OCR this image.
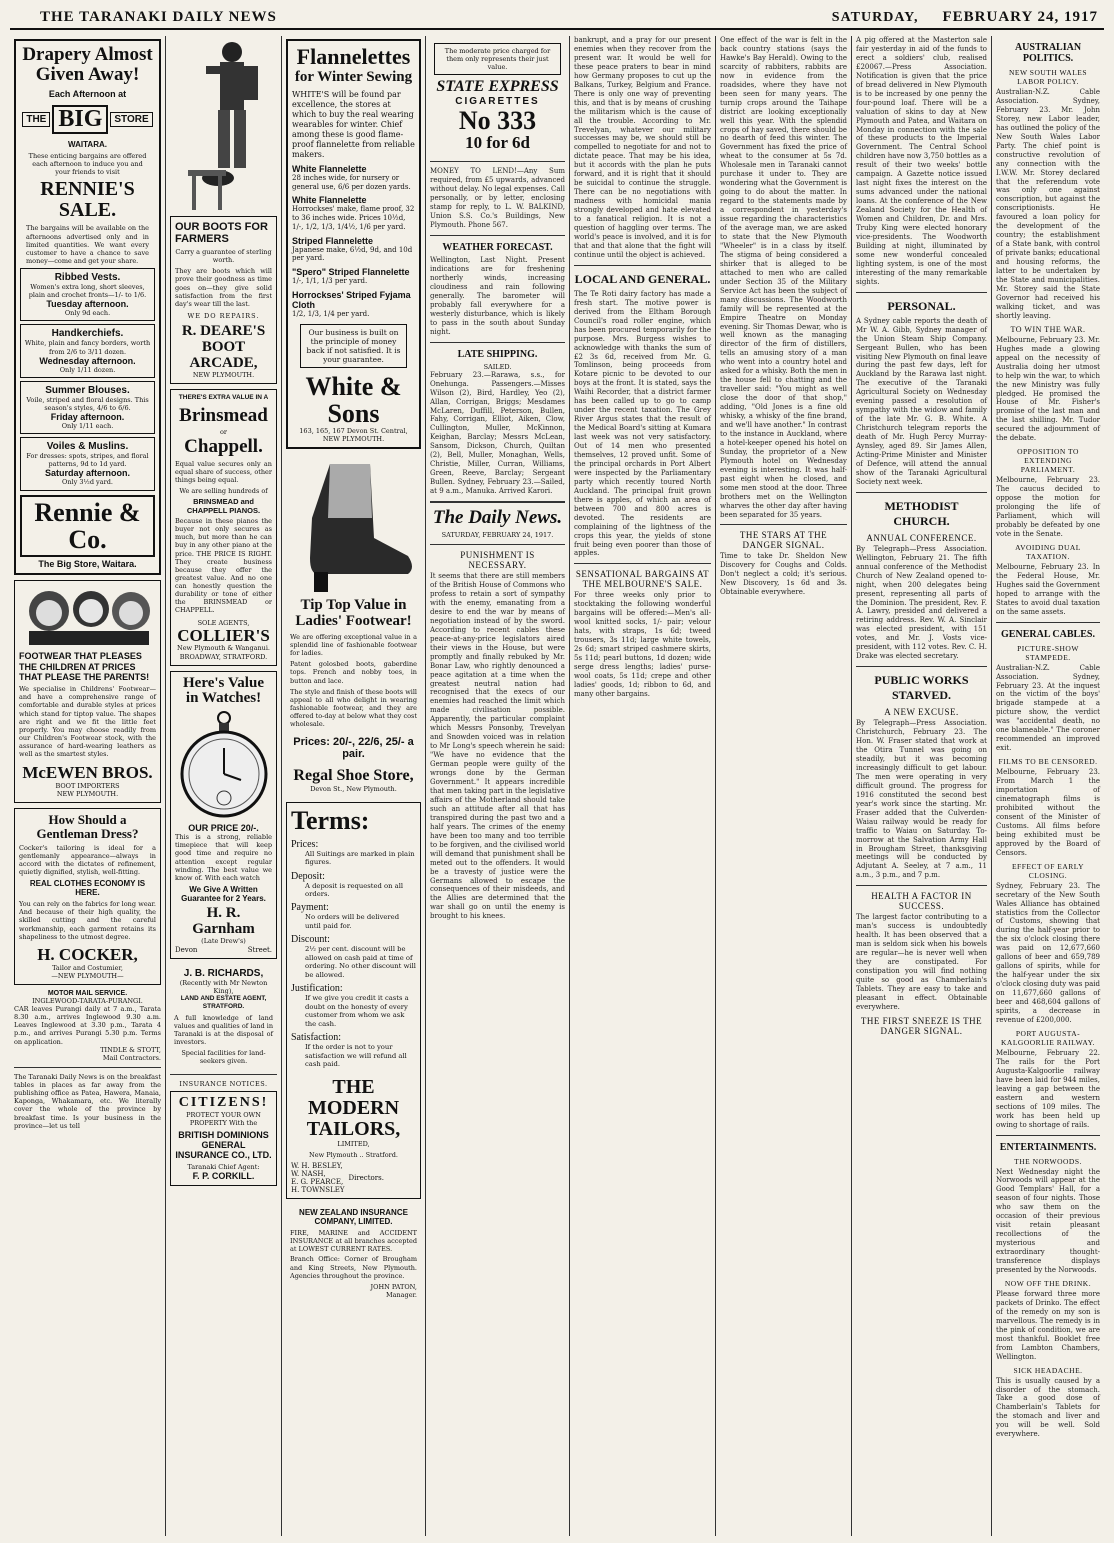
THE TARANAKI DAILY NEWS	SATURDAY, FEBRUARY 24, 1917
Drapery Almost Given Away!
Each Afternoon at
THE BIG	STORE
WAITARA.
These enticing bargains are offered each afternoon to induce you and your friends to visit
RENNIE'S SALE.
The bargains will be available on the afternoons advertised only and in limited quantities. We want every customer to have a chance to save money—come and get your share.
Ribbed Vests.
Women's extra long, short sleeves, plain and crochet fronts—1/- to 1/6.
Tuesday afternoon.
Only 9d each.
Handkerchiefs.
White, plain and fancy borders, worth from 2/6 to 3/11 dozen.
Wednesday afternoon.
Only 1/11 dozen.
Summer Blouses.
Voile, striped and floral designs. This season's styles, 4/6 to 6/6.
Friday afternoon.
Only 1/11 each.
Voiles & Muslins.
For dresses: spots, stripes, and floral patterns, 9d to 1d yard.
Saturday afternoon.
Only 3½d yard.
Rennie & Co.
The Big Store, Waitara.
FOOTWEAR THAT PLEASES THE CHILDREN AT PRICES THAT PLEASE THE PARENTS!
We specialise in Childrens' Footwear—and have a comprehensive range of comfortable and durable styles at prices which stand for tiptop value. The shapes are right and we fit the little feet properly. You may choose readily from our Children's Footwear stock, with the assurance of hard-wearing leathers as well as the smartest styles.
McEWEN BROS.
BOOT IMPORTERS
NEW PLYMOUTH.
How Should a Gentleman Dress?
Cocker's tailoring is ideal for a gentlemanly appearance—always in accord with the dictates of refinement, quietly dignified, stylish, well-fitting.
REAL CLOTHES ECONOMY IS HERE.
You can rely on the fabrics for long wear. And because of their high quality, the skilled cutting and the careful workmanship, each garment retains its shapeliness to the utmost degree.
H. COCKER,
Tailor and Costumier,
—NEW PLYMOUTH—
MOTOR MAIL SERVICE.
INGLEWOOD-TARATA-PURANGI.
CAR leaves Purangi daily at 7 a.m., Tarata 8.30 a.m., arrives Inglewood 9.30 a.m. Leaves Inglewood at 3.30 p.m., Tarata 4 p.m., and arrives Purangi 5.30 p.m. Terms on application.
TINDLE & STOTT,
Mail Contractors.
The Taranaki Daily News is on the breakfast tables in places as far away from the publishing office as Patea, Hawera, Manaia, Kaponga, Whakamara, etc. We literally cover the whole of the province by breakfast time. Is your business in the province—let us tell
OUR BOOTS FOR FARMERS
Carry a guarantee of sterling worth.
They are boots which will prove their goodness as time goes on—they give solid satisfaction from the first day's wear till the last.
WE DO REPAIRS.
R. DEARE'S BOOT ARCADE,
NEW PLYMOUTH.
THERE'S EXTRA VALUE IN A
Brinsmead
or
Chappell.
Equal value secures only an equal share of success, other things being equal.
We are selling hundreds of
BRINSMEAD and CHAPPELL PIANOS.
Because in these pianos the buyer not only secures as much, but more than he can buy in any other piano at the price. THE PRICE IS RIGHT. They create business because they offer the greatest value. And no one can honestly question the durability or tone of either the BRINSMEAD or CHAPPELL.
SOLE AGENTS,
COLLIER'S
New Plymouth & Wanganui.
BROADWAY, STRATFORD.
Here's Value in Watches!
OUR PRICE 20/-.
This is a strong, reliable timepiece that will keep good time and require no attention except regular winding. The best value we know of. With each watch
We Give A Written Guarantee for 2 Years.
H. R. Garnham
(Late Drew's)
Devon	Street.
J. B. RICHARDS,
(Recently with Mr Newton King),
LAND AND ESTATE AGENT,
STRATFORD.
A full knowledge of land values and qualities of land in Taranaki is at the disposal of investors.
Special facilities for land-seekers given.
INSURANCE NOTICES.
CITIZENS!
PROTECT YOUR OWN PROPERTY With the
BRITISH DOMINIONS GENERAL INSURANCE CO., LTD.
Taranaki Chief Agent:
F. P. CORKILL.
Flannelettes
for Winter Sewing
WHITE'S will be found par excellence, the stores at which to buy the real wearing wearables for winter. Chief among these is good flame-proof flannelette from reliable makers.
White Flannelette
28 inches wide, for nursery or general use, 6/6 per dozen yards.
White Flannelette
Horrockses' make, flame proof, 32 to 36 inches wide. Prices 10½d, 1/-, 1/2, 1/3, 1/4½, 1/6 per yard.
Striped Flannelette
Japanese make, 6½d, 9d, and 10d per yard.
"Spero" Striped Flannelette
1/-, 1/1, 1/3 per yard.
Horrockses' Striped Fyjama Cloth
1/2, 1/3, 1/4 per yard.
Our business is built on the principle of money back if not satisfied. It is your guarantee.
White & Sons
163, 165, 167 Devon St. Central,
NEW PLYMOUTH.
Tip Top Value in Ladies' Footwear!
We are offering exceptional value in a splendid line of fashionable footwear for ladies.
Patent golosbed boots, gaberdine tops. French and nobby toes, in button and lace.
The style and finish of these boots will appeal to all who delight in wearing fashionable footwear, and they are offered to-day at below what they cost wholesale.
Prices: 20/-, 22/6, 25/- a pair.
Regal Shoe Store,
Devon St., New Plymouth.
Terms:
Prices:
All Suitings are marked in plain figures.
Deposit:
A deposit is requested on all orders.
Payment:
No orders will be delivered until paid for.
Discount:
2½ per cent. discount will be allowed on cash paid at time of ordering. No other discount will be allowed.
Justification:
If we give you credit it casts a doubt on the honesty of every customer from whom we ask the cash.
Satisfaction:
If the order is not to your satisfaction we will refund all cash paid.
THE MODERN TAILORS,
LIMITED,
New Plymouth .. Stratford.
W. H. BESLEY,
W. NASH,
E. G. PEARCE,
H. TOWNSLEY
Directors.
NEW ZEALAND INSURANCE COMPANY, LIMITED.
FIRE, MARINE and ACCIDENT INSURANCE at all branches accepted at LOWEST CURRENT RATES.
Branch Office: Corner of Brougham and King Streets, New Plymouth. Agencies throughout the province.
JOHN PATON,
Manager.
The moderate price charged for them only represents their just value.
STATE EXPRESS
CIGARETTES
No 333
10 for 6d
MONEY TO LEND!—Any Sum required, from £5 upwards, advanced without delay. No legal expenses. Call personally, or by letter, enclosing stamp for reply, to L. W. BALKIND, Union S.S. Co.'s Buildings, New Plymouth. Phone 567.
WEATHER FORECAST.
Wellington, Last Night. Present indications are for freshening northerly winds, increasing cloudiness and rain following generally. The barometer will probably fall everywhere for a westerly disturbance, which is likely to pass in the south about Sunday night.
LATE SHIPPING.
SAILED.
February 23.—Rarawa, s.s., for Onehunga. Passengers.—Misses Wilson (2), Bird, Hardley, Yeo (2), Allan, Corrigan, Briggs; Mesdames McLaren, Duffill, Peterson, Bullen, Fahy, Corrigan, Elliot, Aiken, Clow, Cullington, Muller, McKinnon, Keighan, Barclay; Messrs McLean, Sansom, Dickson, Church, Quiltan (2), Bell, Muller, Monaghan, Wells, Christie, Miller, Curran, Williams, Green, Reeve, Barclay; Sergeant Bullen. Sydney, February 23.—Sailed, at 9 a.m., Manuka. Arrived Karori.
The Daily News.
SATURDAY, FEBRUARY 24, 1917.
PUNISHMENT IS NECESSARY.
It seems that there are still members of the British House of Commons who profess to retain a sort of sympathy with the enemy, emanating from a desire to end the war by means of negotiation instead of by the sword. According to recent cables these peace-at-any-price legislators aired their views in the House, but were promptly and finally rebuked by Mr. Bonar Law, who rightly denounced a peace agitation at a time when the greatest neutral nation had recognised that the execs of our enemies had reached the limit which made civilisation possible. Apparently, the particular complaint which Messrs Ponsonby, Trevelyan and Snowden voiced was in relation to Mr Long's speech wherein he said: "We have no evidence that the German people were guilty of the wrongs done by the German Government." It appears incredible that men taking part in the legislative affairs of the Motherland should take such an attitude after all that has transpired during the past two and a half years. The crimes of the enemy have been too many and too terrible to be forgiven, and the civilised world will demand that punishment shall be meted out to the offenders. It would be a travesty of justice were the Germans allowed to escape the consequences of their misdeeds, and the Allies are determined that the war shall go on until the enemy is brought to his knees.
bankrupt, and a pray for our present enemies when they recover from the present war. It would be well for these peace praters to bear in mind how Germany proposes to cut up the Balkans, Turkey, Belgium and France. There is only one way of preventing this, and that is by means of crushing the militarism which is the cause of all the trouble. According to Mr. Trevelyan, whatever our military successes may be, we should still be compelled to negotiate for and not to dictate peace. That may be his idea, but it accords with the plan he puts forward, and it is right that it should be suicidal to continue the struggle. There can be no negotiations with madness with homicidal mania strongly developed and hate elevated to a fanatical religion. It is not a question of haggling over terms. The world's peace is involved, and it is for that and that alone that the fight will continue until the object is achieved.
LOCAL AND GENERAL.
The Te Roti dairy factory has made a fresh start. The motive power is derived from the Eltham Borough Council's road roller engine, which has been procured temporarily for the purpose. Mrs. Burgess wishes to acknowledge with thanks the sum of £2 3s 6d, received from Mr. G. Tomlinson, being proceeds from Kotare picnic to be devoted to our boys at the front. It is stated, says the Waihi Recorder, that a district farmer has been called up to go to camp under the recent taxation. The Grey River Argus states that the result of the Medical Board's sitting at Kumara last week was not very satisfactory. Out of 14 men who presented themselves, 12 proved unfit. Some of the principal orchards in Port Albert were inspected by the Parliamentary party which recently toured North Auckland. The principal fruit grown there is apples, of which an area of between 700 and 800 acres is devoted. The residents are complaining of the lightness of the crops this year, the yields of stone fruit being even poorer than those of apples.
SENSATIONAL BARGAINS AT THE MELBOURNE'S SALE.
For three weeks only prior to stocktaking the following wonderful bargains will be offered:—Men's all-wool knitted socks, 1/- pair; velour hats, with straps, 1s 6d; tweed trousers, 3s 11d; large white towels, 2s 6d; smart striped cashmere skirts, 5s 11d; pearl buttons, 1d dozen; wide serge dress lengths; ladies' purse-wool coats, 5s 11d; crepe and other ladies' goods, 1d; ribbon to 6d, and many other bargains.
One effect of the war is felt in the back country stations (says the Hawke's Bay Herald). Owing to the scarcity of rabbiters, rabbits are now in evidence from the roadsides, where they have not been seen for many years. The turnip crops around the Taihape district are looking exceptionally well this year. With the splendid crops of hay saved, there should be no dearth of feed this winter. The Government has fixed the price of wheat to the consumer at 5s 7d. Wholesale men in Taranaki cannot purchase it under to. They are wondering what the Government is going to do about the matter. In regard to the statements made by a correspondent in yesterday's issue regarding the characteristics of the average man, we are asked to state that the New Plymouth "Wheeler" is in a class by itself. The stigma of being considered a shirker that is alleged to be attached to men who are called under Section 35 of the Military Service Act has been the subject of many discussions. The Woodworth family will be represented at the Empire Theatre on Monday evening. Sir Thomas Dewar, who is well known as the managing director of the firm of distillers, tells an amusing story of a man who went into a country hotel and asked for a whisky. Both the men in the house fell to chatting and the traveller said: "You might as well close the door of that shop," adding, "Old Jones is a fine old whisky, a whisky of the fine brand, and we'll have another." In contrast to the instance in Auckland, where a hotel-keeper opened his hotel on Sunday, the proprietor of a New Plymouth hotel on Wednesday evening is interesting. It was half-past eight when he closed, and some men stood at the door. Three brothers met on the Wellington wharves the other day after having been separated for 35 years.
THE STARS AT THE DANGER SIGNAL.
Time to take Dr. Sheldon New Discovery for Coughs and Colds. Don't neglect a cold; it's serious. New Discovery, 1s 6d and 3s. Obtainable everywhere.
A pig offered at the Masterton sale fair yesterday in aid of the funds to erect a soldiers' club, realised £20067.—Press Association. Notification is given that the price of bread delivered in New Plymouth is to be increased by one penny the four-pound loaf. There will be a valuation of skins to day at New Plymouth and Patea, and Waitara on Monday in connection with the sale of these products to the Imperial Government. The Central School children have now 3,750 bottles as a result of their two weeks' bottle campaign. A Gazette notice issued last night fixes the interest on the sums advanced under the national loans. At the conference of the New Zealand Society for the Health of Women and Children, Dr. and Mrs. Truby King were elected honorary vice-presidents. The Woodworth Building at night, illuminated by some new wonderful concealed lighting system, is one of the most interesting of the many remarkable sights.
PERSONAL.
A Sydney cable reports the death of Mr W. A. Gibb, Sydney manager of the Union Steam Ship Company. Sergeant Bullen, who has been visiting New Plymouth on final leave during the past few days, left for Auckland by the Rarawa last night. The executive of the Taranaki Agricultural Society on Wednesday evening passed a resolution of sympathy with the widow and family of the late Mr. G. B. White. A Christchurch telegram reports the death of Mr. Hugh Percy Murray-Aynsley, aged 89. Sir James Allen, Acting-Prime Minister and Minister of Defence, will attend the annual show of the Taranaki Agricultural Society next week.
METHODIST CHURCH.
ANNUAL CONFERENCE.
By Telegraph—Press Association. Wellington, February 21. The fifth annual conference of the Methodist Church of New Zealand opened to-night, when 200 delegates being present, representing all parts of the Dominion. The president, Rev. F. A. Lawry, presided and delivered a retiring address. Rev. W. A. Sinclair was elected president, with 151 votes, and Mr. J. Vosts vice-president, with 112 votes. Rev. C. H. Drake was elected secretary.
PUBLIC WORKS STARVED.
A NEW EXCUSE.
By Telegraph—Press Association. Christchurch, February 23. The Hon. W. Fraser stated that work at the Otira Tunnel was going on steadily, but it was becoming increasingly difficult to get labour. The men were operating in very difficult ground. The progress for 1916 constituted the second best year's work since the starting. Mr. Fraser added that the Culverden-Waiau railway would be ready for traffic to Waiau on Saturday. To-morrow at the Salvation Army Hall in Brougham Street, thanksgiving meetings will be conducted by Adjutant A. Seeley, at 7 a.m., 11 a.m., 3 p.m., and 7 p.m.
HEALTH A FACTOR IN SUCCESS.
The largest factor contributing to a man's success is undoubtedly health. It has been observed that a man is seldom sick when his bowels are regular—he is never well when they are constipated. For constipation you will find nothing quite so good as Chamberlain's Tablets. They are easy to take and pleasant in effect. Obtainable everywhere.
THE FIRST SNEEZE IS THE DANGER SIGNAL.
AUSTRALIAN POLITICS.
NEW SOUTH WALES LABOR POLICY.
Australian-N.Z. Cable Association. Sydney, February 23. Mr. John Storey, new Labor leader, has outlined the policy of the New South Wales Labor Party. The chief point is constructive revolution of any connection with the I.W.W. Mr. Storey declared that the referendum vote was only one against conscription, but against the conscriptionists. He favoured a loan policy for the development of the country; the establishment of a State bank, with control of private banks; educational and housing reforms, the latter to be undertaken by the State and municipalities. Mr. Storey said the State Governor had received his walking ticket, and was shortly leaving.
TO WIN THE WAR.
Melbourne, February 23. Mr. Hughes made a glowing appeal on the necessity of Australia doing her utmost to help win the war, to which the new Ministry was fully pledged. He promised the House of Mr. Fisher's promise of the last man and the last shilling. Mr. Tudor secured the adjournment of the debate.
OPPOSITION TO EXTENDING PARLIAMENT.
Melbourne, February 23. The caucus decided to oppose the motion for prolonging the life of Parliament, which will probably be defeated by one vote in the Senate.
AVOIDING DUAL TAXATION.
Melbourne, February 23. In the Federal House, Mr. Hughes said the Government hoped to arrange with the States to avoid dual taxation on the same assets.
GENERAL CABLES.
PICTURE-SHOW STAMPEDE.
Australian-N.Z. Cable Association. Sydney, February 23. At the inquest on the victim of the boys' brigade stampede at a picture show, the verdict was "accidental death, no one blameable." The coroner recommended an improved exit.
FILMS TO BE CENSORED.
Melbourne, February 23. From March 1 the importation of cinematograph films is prohibited without the consent of the Minister of Customs. All films before being exhibited must be approved by the Board of Censors.
EFFECT OF EARLY CLOSING.
Sydney, February 23. The secretary of the New South Wales Alliance has obtained statistics from the Collector of Customs, showing that during the half-year prior to the six o'clock closing there was paid on 12,677,660 gallons of beer and 659,789 gallons of spirits, while for the half-year under the six o'clock closing duty was paid on 11,677,660 gallons of beer and 468,604 gallons of spirits, a decrease in revenue of £200,000.
PORT AUGUSTA-KALGOORLIE RAILWAY.
Melbourne, February 22. The rails for the Port Augusta-Kalgoorlie railway have been laid for 944 miles, leaving a gap between the eastern and western sections of 109 miles. The work has been held up owing to shortage of rails.
ENTERTAINMENTS.
THE NORWOODS.
Next Wednesday night the Norwoods will appear at the Good Templars' Hall, for a season of four nights. Those who saw them on the occasion of their previous visit retain pleasant recollections of the mysterious and extraordinary thought-transference displays presented by the Norwoods.
NOW OFF THE DRINK.
Please forward three more packets of Drinko. The effect of the remedy on my son is marvellous. The remedy is in the pink of condition, we are most thankful. Booklet free from Lambton Chambers, Wellington.
SICK HEADACHE.
This is usually caused by a disorder of the stomach. Take a good dose of Chamberlain's Tablets for the stomach and liver and you will be well. Sold everywhere.
